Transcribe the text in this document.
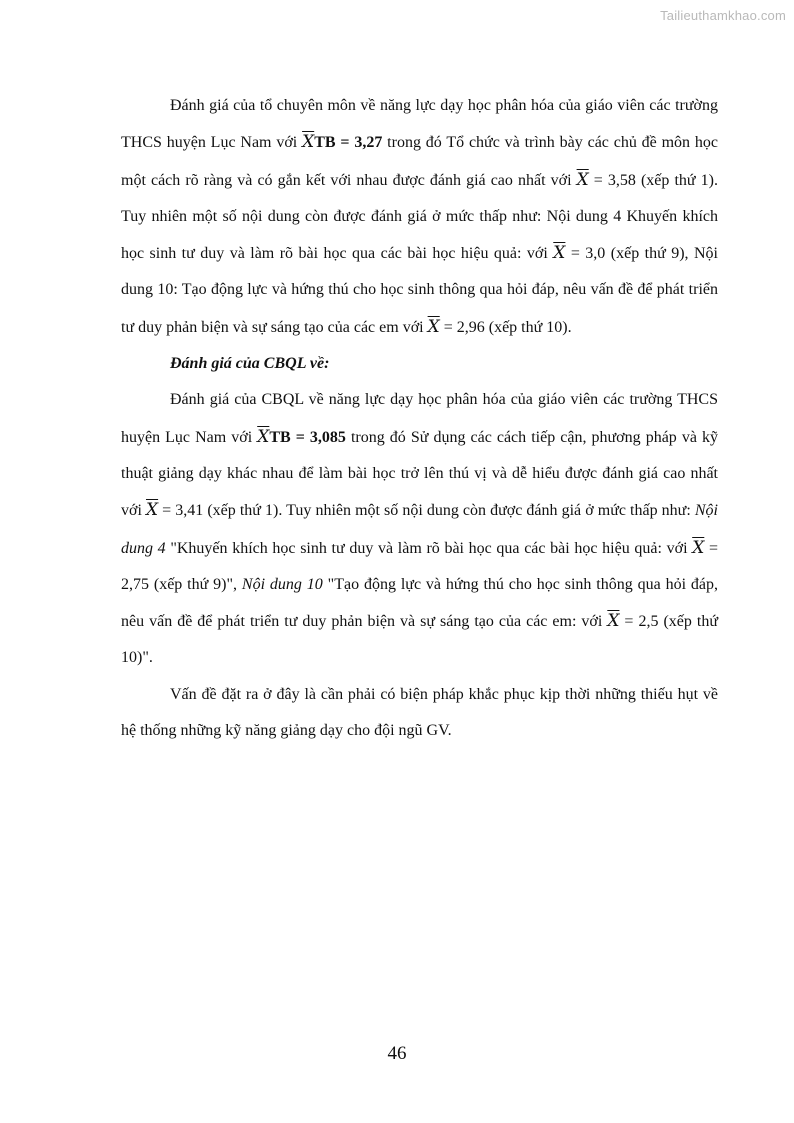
Tailieuthamkhao.com

Đánh giá của tổ chuyên môn về năng lực dạy học phân hóa của giáo viên các trường THCS huyện Lục Nam với $\overline{X}TB = 3,27$ trong đó Tổ chức và trình bày các chủ đề môn học một cách rõ ràng và có gắn kết với nhau được đánh giá cao nhất với $\overline{X} = 3,58$ (xếp thứ 1). Tuy nhiên một số nội dung còn được đánh giá ở mức thấp như: Nội dung 4 Khuyến khích học sinh tư duy và làm rõ bài học qua các bài học hiệu quả: với $\overline{X} = 3,0$ (xếp thứ 9), Nội dung 10: Tạo động lực và hứng thú cho học sinh thông qua hỏi đáp, nêu vấn đề để phát triển tư duy phản biện và sự sáng tạo của các em với $\overline{X} = 2,96$ (xếp thứ 10).

Đánh giá của CBQL về:

Đánh giá của CBQL về năng lực dạy học phân hóa của giáo viên các trường THCS huyện Lục Nam với $\overline{X}TB = 3,085$ trong đó Sử dụng các cách tiếp cận, phương pháp và kỹ thuật giảng dạy khác nhau để làm bài học trở lên thú vị và dễ hiểu được đánh giá cao nhất với $\overline{X} = 3,41$ (xếp thứ 1). Tuy nhiên một số nội dung còn được đánh giá ở mức thấp như: Nội dung 4 "Khuyến khích học sinh tư duy và làm rõ bài học qua các bài học hiệu quả: với $\overline{X} = 2,75$ (xếp thứ 9)", Nội dung 10 "Tạo động lực và hứng thú cho học sinh thông qua hỏi đáp, nêu vấn đề để phát triển tư duy phản biện và sự sáng tạo của các em: với $\overline{X} = 2,5$ (xếp thứ 10)".

Vấn đề đặt ra ở đây là cần phải có biện pháp khắc phục kịp thời những thiếu hụt về hệ thống những kỹ năng giảng dạy cho đội ngũ GV.

46
